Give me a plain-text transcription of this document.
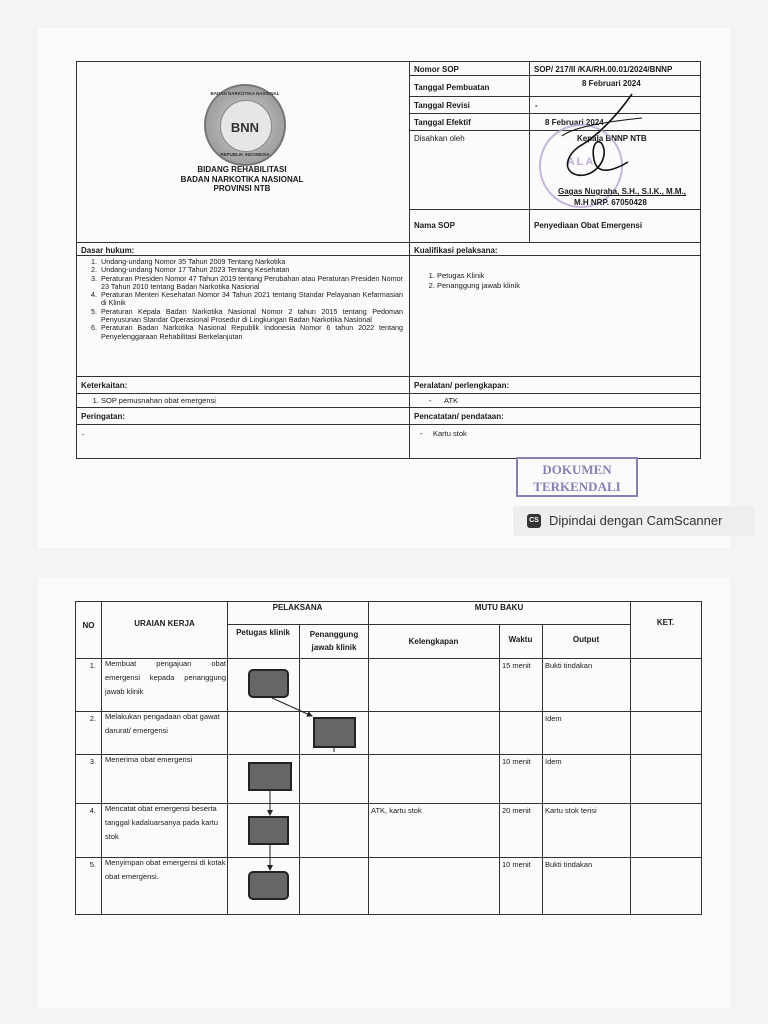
BADAN NARKOTIKA NASIONAL
BNN
REPUBLIK INDONESIA
BIDANG REHABILITASI
BADAN NARKOTIKA NASIONAL
PROVINSI NTB
Nomor SOP	SOP/ 217/II /KA/RH.00.01/2024/BNNP
Tanggal Pembuatan	8 Februari 2024
Tanggal Revisi	-
Tanggal Efektif	8 Februari 2024
Disahkan oleh	Kepala BNNP NTB
ALA
Gagas Nugraha, S.H., S.I.K., M.M.,
M.H NRP. 67050428
Nama SOP	Penyediaan Obat Emergensi
Dasar hukum:	Kualifikasi pelaksana:
1. Undang-undang Nomor 35 Tahun 2009 Tentang Narkotika
2. Undang-undang Nomor 17 Tahun 2023 Tentang Kesehatan
3. Peraturan Presiden Nomor 47 Tahun 2019 tentang Perubahan atau Peraturan Presiden Nomor 23 Tahun 2010 tentang Badan Narkotika Nasional
4. Peraturan Menteri Kesehatan Nomor 34 Tahun 2021 tentang Standar Pelayanan Kefarmasian di Klinik
5. Peraturan Kepala Badan Narkotika Nasional Nomor 2 tahun 2015 tentang Pedoman Penyusunan Standar Operasional Prosedur di Lingkungan Badan Narkotika Nasional
6. Peraturan Badan Narkotika Nasional Republik Indonesia Nomor 6 tahun 2022 tentang Penyelenggaraan Rehabilitasi Berkelanjutan
1. Petugas Klinik
2. Penanggung jawab klinik
Keterkaitan:	Peralatan/ perlengkapan:
1. SOP pemusnahan obat emergensi	- ATK
Peringatan:	Pencatatan/ pendataan:
-	- Kartu stok
DOKUMEN
TERKENDALI
CS Dipindai dengan CamScanner
NO	URAIAN KERJA
PELAKSANA
Petugas klinik	Penanggung jawab klinik
MUTU BAKU
Kelengkapan	Waktu	Output
KET.
1. Membuat pengajuan obat emergensi kepada penanggung jawab klinik
15 menit Bukti tindakan
2. Melakukan pengadaan obat gawat darurat/ emergensi
Idem
3. Menerima obat emergensi	10 menit Idem
4. Mencatat obat emergensi beserta tanggal kadaluarsanya pada kartu stok
ATK, kartu stok	20 menit Kartu stok terisi
5. Menyimpan obat emergensi di kotak obat emergensi.
10 menit Bukti tindakan
